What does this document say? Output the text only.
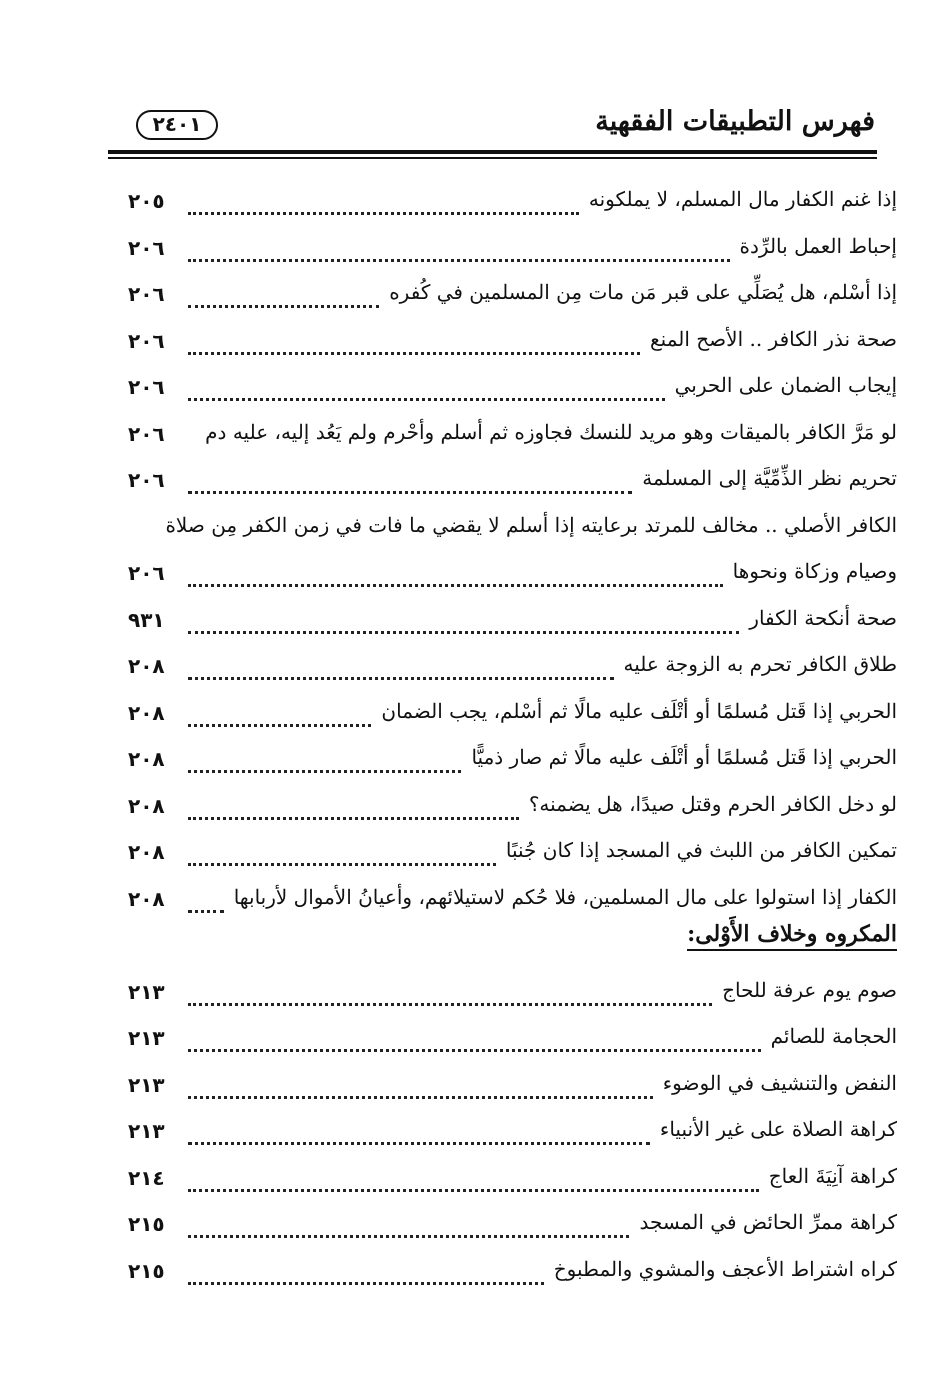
فهرس التطبيقات الفقهية
٢٤٠١
إذا غنم الكفار مال المسلم، لا يملكونه
٢٠٥
إحباط العمل بالرِّدة
٢٠٦
إذا أسْلم، هل يُصَلِّي على قبر مَن مات مِن المسلمين في كُفره
٢٠٦
صحة نذر الكافر .. الأصح المنع
٢٠٦
إيجاب الضمان على الحربي
٢٠٦
لو مَرَّ الكافر بالميقات وهو مريد للنسك فجاوزه ثم أسلم وأحْرم ولم يَعُد إليه، عليه دم
٢٠٦
تحريم نظر الذِّمِّيَّة إلى المسلمة
٢٠٦
الكافر الأصلي .. مخالف للمرتد برعايته إذا أسلم لا يقضي ما فات في زمن الكفر مِن صلاة
وصيام وزكاة ونحوها
٢٠٦
صحة أنكحة الكفار
٩٣١
طلاق الكافر تحرم به الزوجة عليه
٢٠٨
الحربي إذا قَتل مُسلمًا أو أتْلَف عليه مالًا ثم أسْلم، يجب الضمان
٢٠٨
الحربي إذا قَتل مُسلمًا أو أتْلَف عليه مالًا ثم صار ذميًّا
٢٠٨
لو دخل الكافر الحرم وقتل صيدًا، هل يضمنه؟
٢٠٨
تمكين الكافر من اللبث في المسجد إذا كان جُنبًا
٢٠٨
الكفار إذا استولوا على مال المسلمين، فلا حُكم لاستيلائهم، وأعيانُ الأموال لأربابها
٢٠٨
المكروه وخلاف الأَوْلى:
صوم يوم عرفة للحاج
٢١٣
الحجامة للصائم
٢١٣
النفض والتنشيف في الوضوء
٢١٣
كراهة الصلاة على غير الأنبياء
٢١٣
كراهة آنِيَةَ العاج
٢١٤
كراهة ممرِّ الحائض في المسجد
٢١٥
كراه اشتراط الأعجف والمشوي والمطبوخ
٢١٥
